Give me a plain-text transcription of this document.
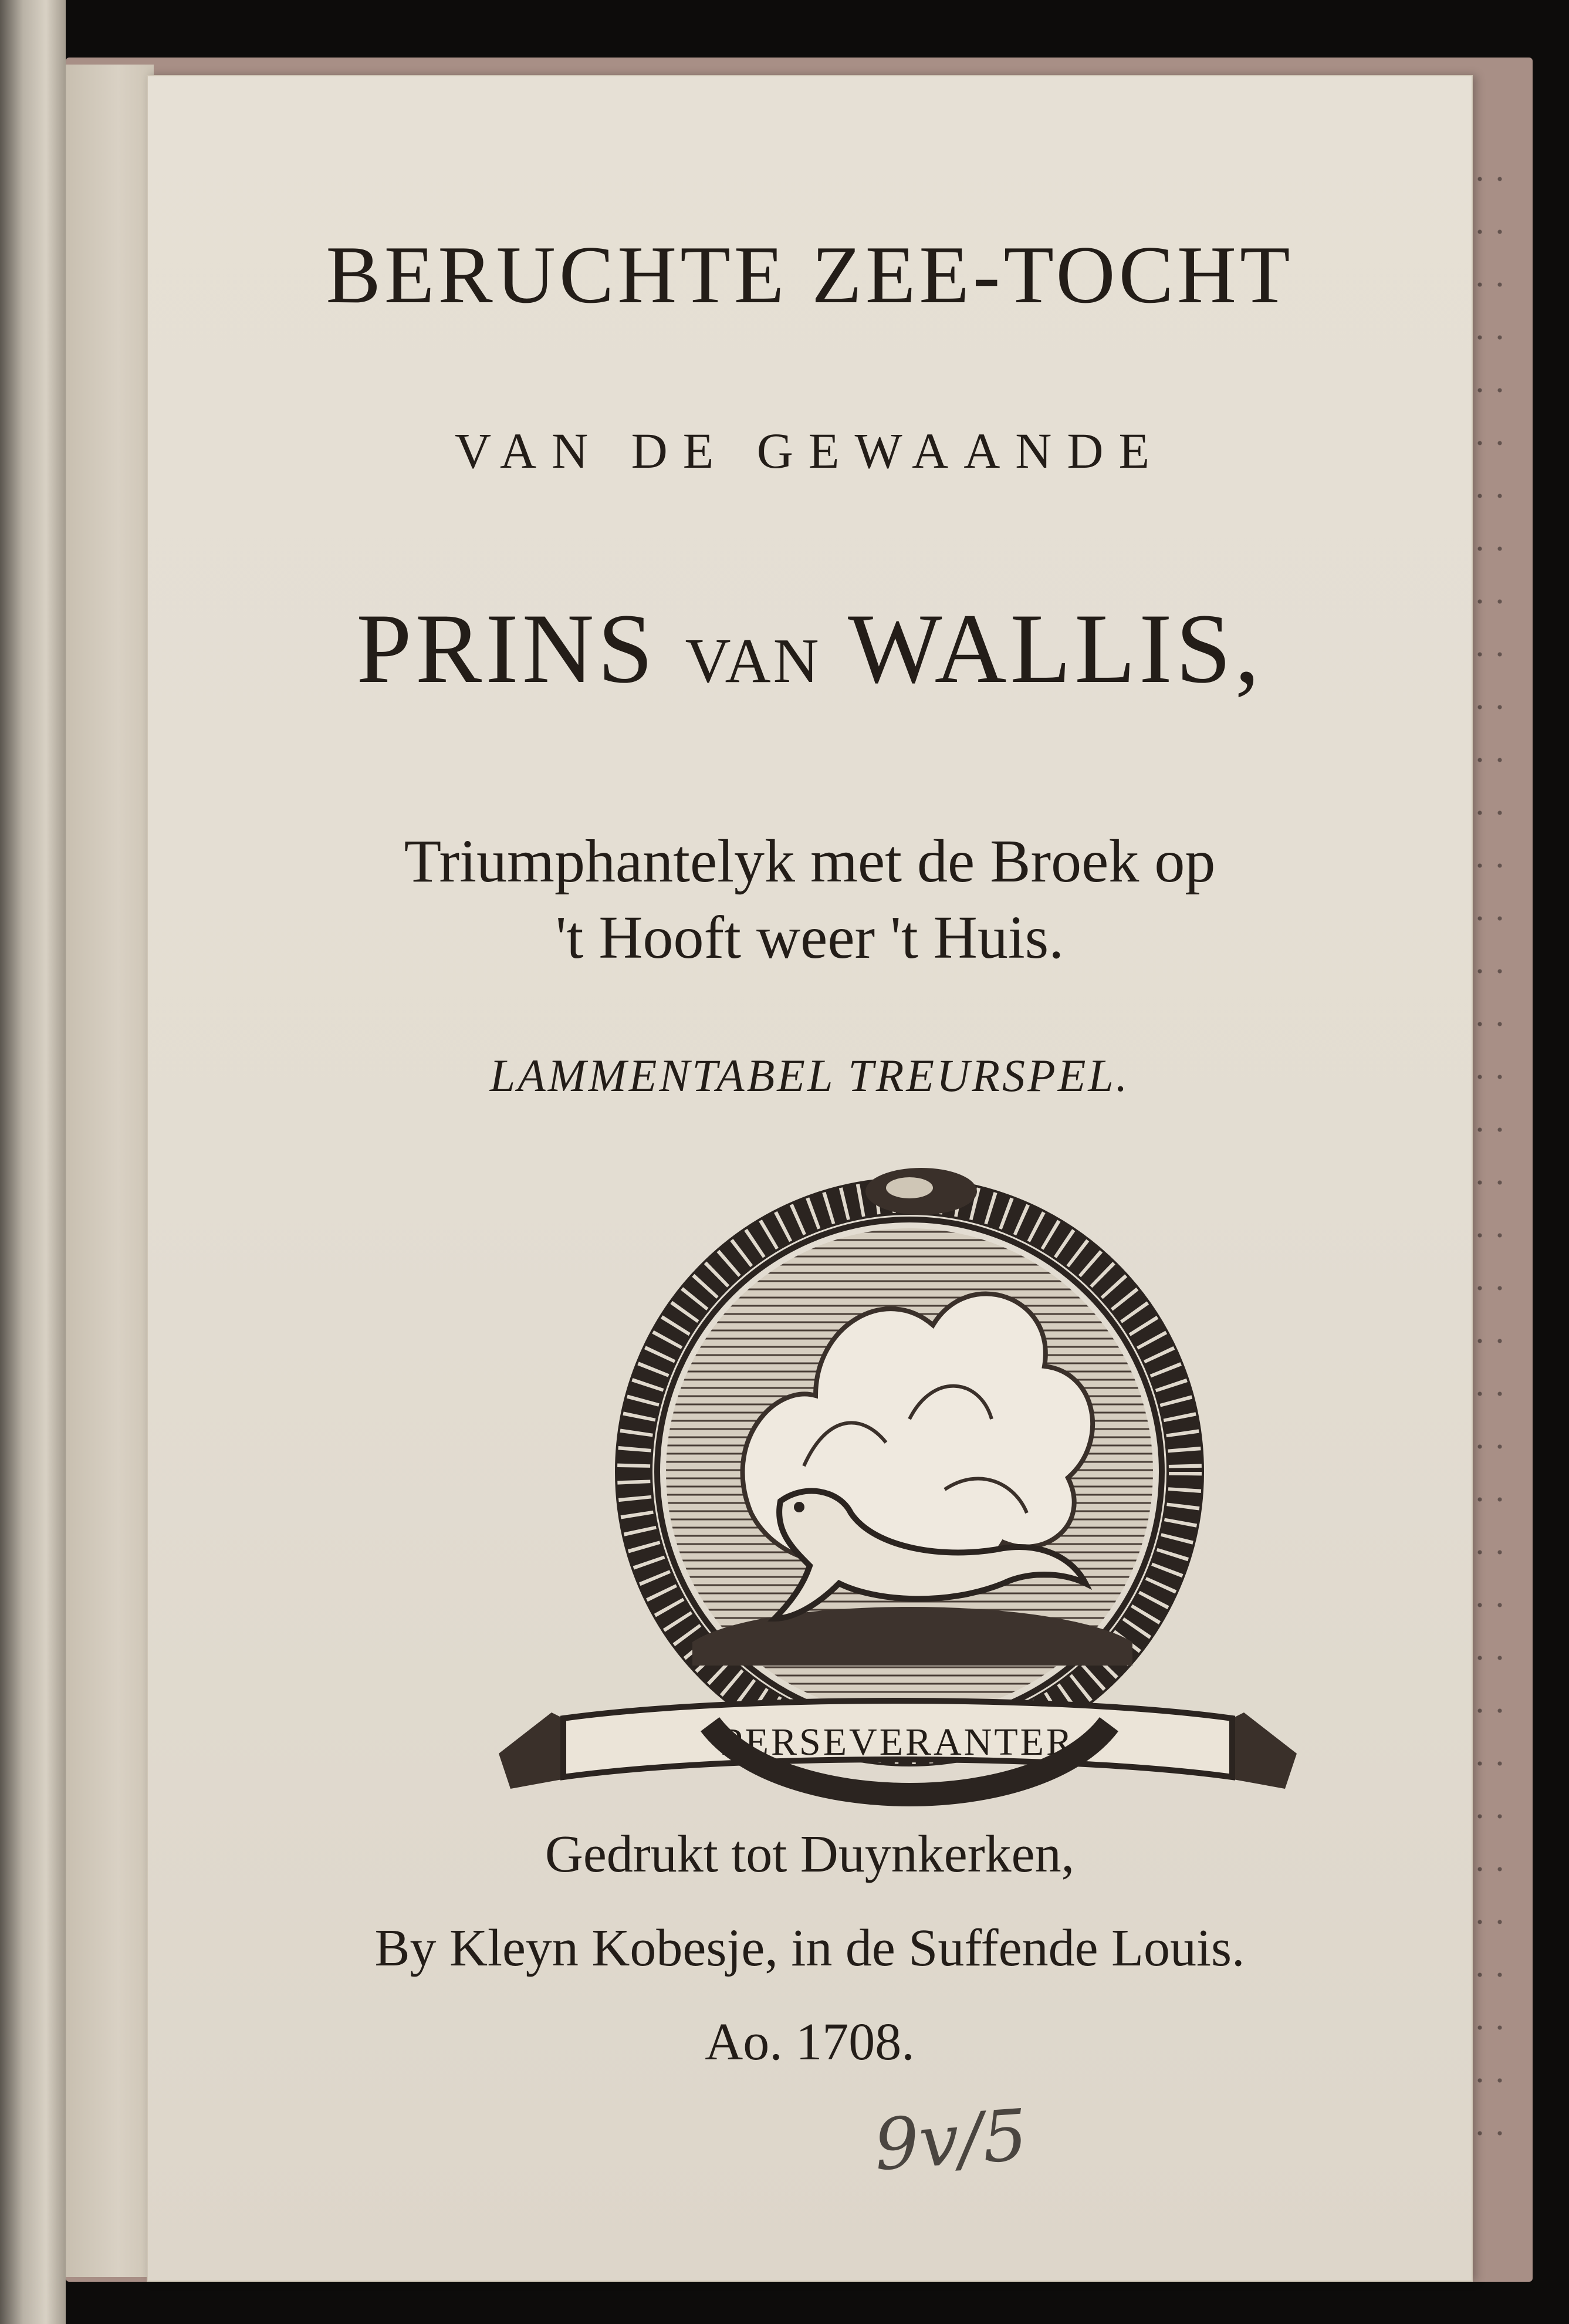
BERUCHTE ZEE-TOCHT
VAN DE GEWAANDE
PRINS VAN WALLIS,
Triumphantelyk met de Broek op
't Hooft weer 't Huis.
LAMMENTABEL TREURSPEL.
PERSEVERANTER
Gedrukt tot Duynkerken,
By Kleyn Kobesje, in de Suffende Louis.
Ao. 1708.
9v/5
